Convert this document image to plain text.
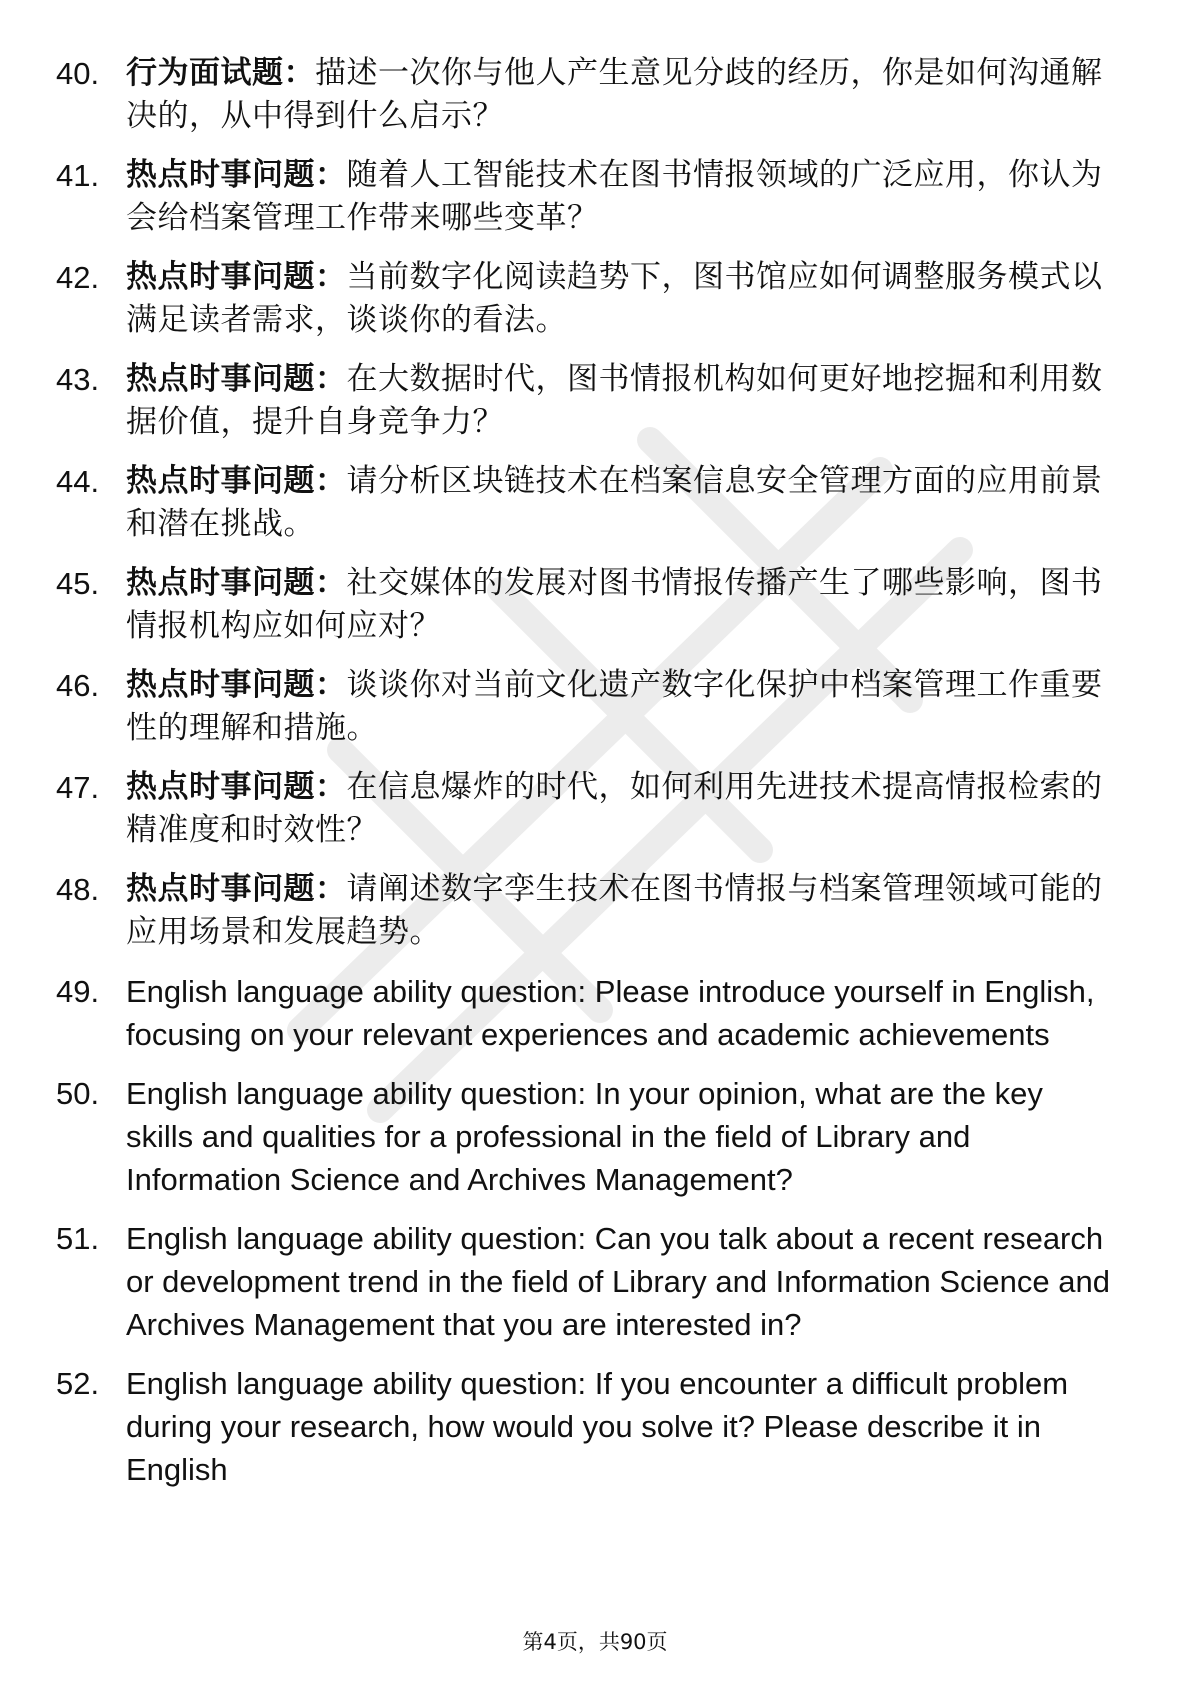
40. 行为面试题：描述一次你与他人产生意见分歧的经历，你是如何沟通解决的，从中得到什么启示？
41. 热点时事问题：随着人工智能技术在图书情报领域的广泛应用，你认为会给档案管理工作带来哪些变革？
42. 热点时事问题：当前数字化阅读趋势下，图书馆应如何调整服务模式以满足读者需求，谈谈你的看法。
43. 热点时事问题：在大数据时代，图书情报机构如何更好地挖掘和利用数据价值，提升自身竞争力？
44. 热点时事问题：请分析区块链技术在档案信息安全管理方面的应用前景和潜在挑战。
45. 热点时事问题：社交媒体的发展对图书情报传播产生了哪些影响，图书情报机构应如何应对？
46. 热点时事问题：谈谈你对当前文化遗产数字化保护中档案管理工作重要性的理解和措施。
47. 热点时事问题：在信息爆炸的时代，如何利用先进技术提高情报检索的精准度和时效性？
48. 热点时事问题：请阐述数字孪生技术在图书情报与档案管理领域可能的应用场景和发展趋势。
49. English language ability question: Please introduce yourself in English, focusing on your relevant experiences and academic achievements
50. English language ability question: In your opinion, what are the key skills and qualities for a professional in the field of Library and Information Science and Archives Management?
51. English language ability question: Can you talk about a recent research or development trend in the field of Library and Information Science and Archives Management that you are interested in?
52. English language ability question: If you encounter a difficult problem during your research, how would you solve it? Please describe it in English
第4页，共90页
